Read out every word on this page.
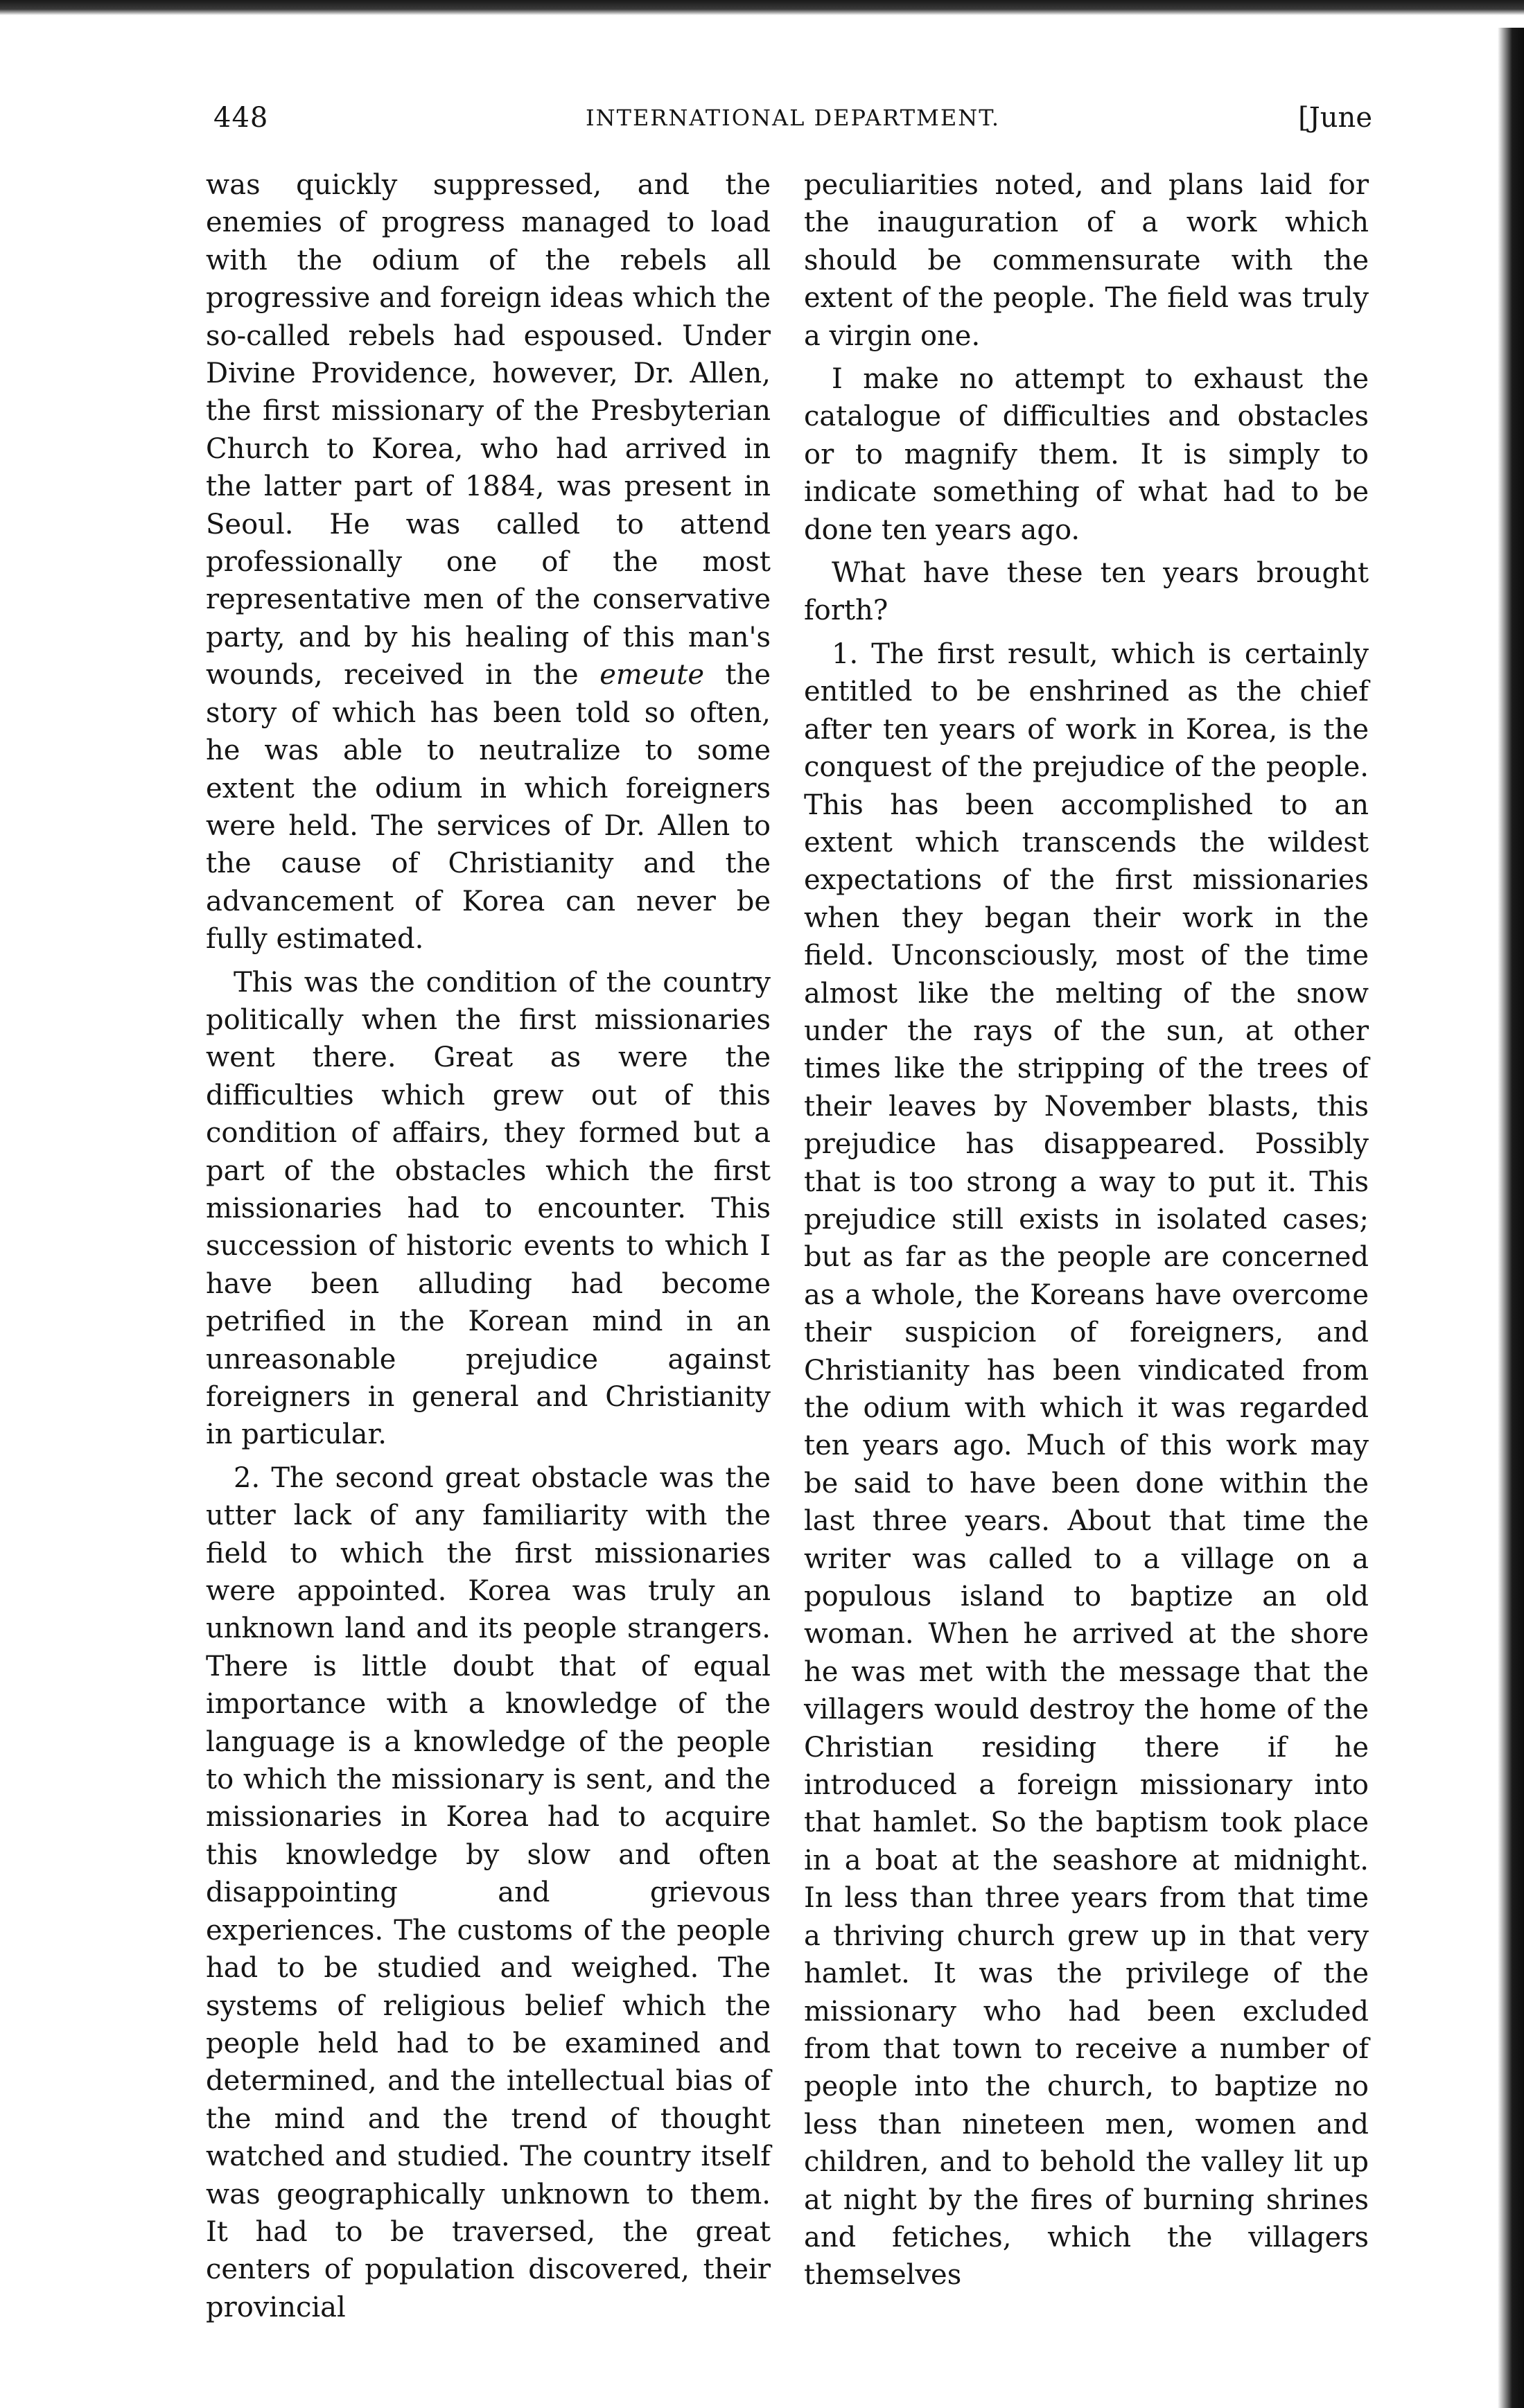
448	INTERNATIONAL DEPARTMENT.	[June

was quickly suppressed, and the enemies of progress managed to load with the odium of the rebels all progressive and foreign ideas which the so-called rebels had espoused. Under Divine Providence, however, Dr. Allen, the first missionary of the Presbyterian Church to Korea, who had arrived in the latter part of 1884, was present in Seoul. He was called to attend professionally one of the most representative men of the conservative party, and by his healing of this man's wounds, received in the emeute the story of which has been told so often, he was able to neutralize to some extent the odium in which foreigners were held. The services of Dr. Allen to the cause of Christianity and the advancement of Korea can never be fully estimated.

This was the condition of the country politically when the first missionaries went there. Great as were the difficulties which grew out of this condition of affairs, they formed but a part of the obstacles which the first missionaries had to encounter. This succession of historic events to which I have been alluding had become petrified in the Korean mind in an unreasonable prejudice against foreigners in general and Christianity in particular.

2. The second great obstacle was the utter lack of any familiarity with the field to which the first missionaries were appointed. Korea was truly an unknown land and its people strangers. There is little doubt that of equal importance with a knowledge of the language is a knowledge of the people to which the missionary is sent, and the missionaries in Korea had to acquire this knowledge by slow and often disappointing and grievous experiences. The customs of the people had to be studied and weighed. The systems of religious belief which the people held had to be examined and determined, and the intellectual bias of the mind and the trend of thought watched and studied. The country itself was geographically unknown to them. It had to be traversed, the great centers of population discovered, their provincial

peculiarities noted, and plans laid for the inauguration of a work which should be commensurate with the extent of the people. The field was truly a virgin one.

I make no attempt to exhaust the catalogue of difficulties and obstacles or to magnify them. It is simply to indicate something of what had to be done ten years ago.

What have these ten years brought forth?

1. The first result, which is certainly entitled to be enshrined as the chief after ten years of work in Korea, is the conquest of the prejudice of the people. This has been accomplished to an extent which transcends the wildest expectations of the first missionaries when they began their work in the field. Unconsciously, most of the time almost like the melting of the snow under the rays of the sun, at other times like the stripping of the trees of their leaves by November blasts, this prejudice has disappeared. Possibly that is too strong a way to put it. This prejudice still exists in isolated cases; but as far as the people are concerned as a whole, the Koreans have overcome their suspicion of foreigners, and Christianity has been vindicated from the odium with which it was regarded ten years ago. Much of this work may be said to have been done within the last three years. About that time the writer was called to a village on a populous island to baptize an old woman. When he arrived at the shore he was met with the message that the villagers would destroy the home of the Christian residing there if he introduced a foreign missionary into that hamlet. So the baptism took place in a boat at the seashore at midnight. In less than three years from that time a thriving church grew up in that very hamlet. It was the privilege of the missionary who had been excluded from that town to receive a number of people into the church, to baptize no less than nineteen men, women and children, and to behold the valley lit up at night by the fires of burning shrines and fetiches, which the villagers themselves
